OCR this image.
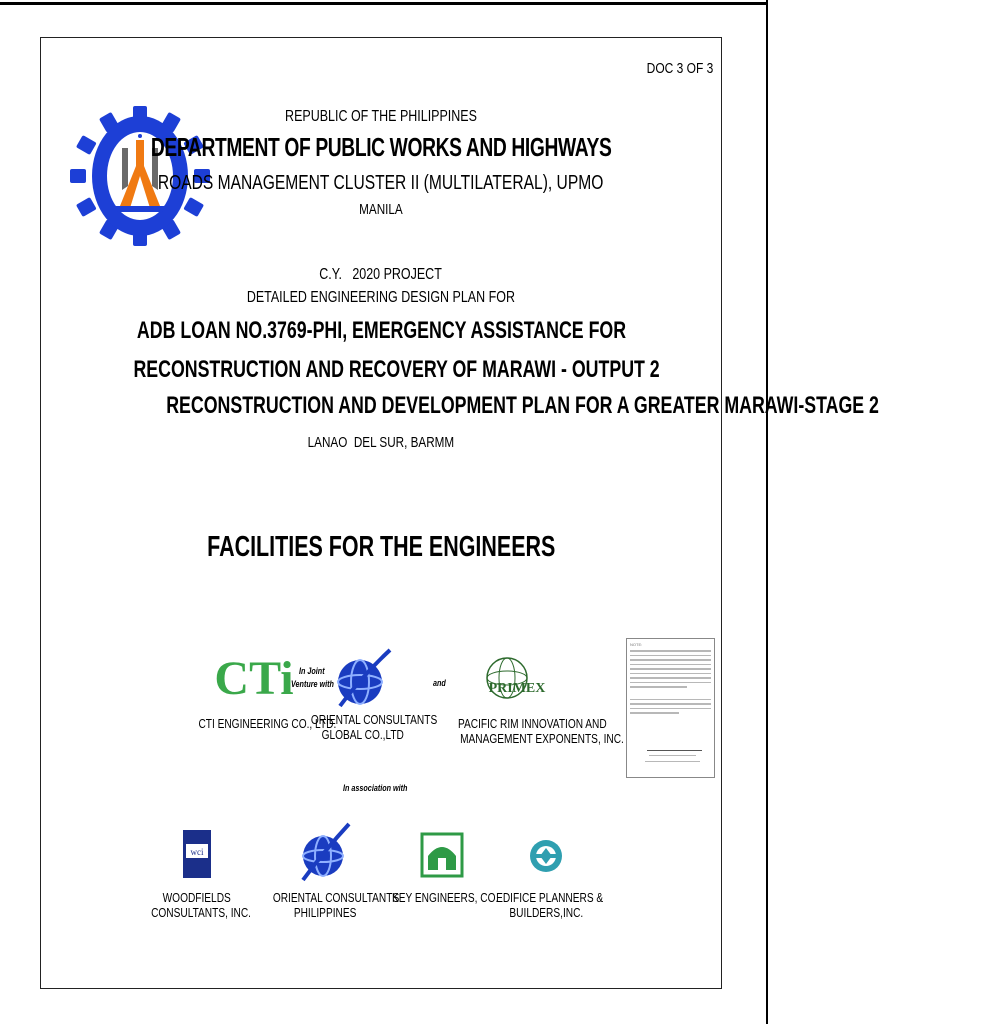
DOC 3 OF 3
REPUBLIC OF THE PHILIPPINES
DEPARTMENT OF PUBLIC WORKS AND HIGHWAYS
ROADS MANAGEMENT CLUSTER II (MULTILATERAL), UPMO
MANILA
C.Y.   2020 PROJECT
DETAILED ENGINEERING DESIGN PLAN FOR
ADB LOAN NO.3769-PHI, EMERGENCY ASSISTANCE FOR
RECONSTRUCTION AND RECOVERY OF MARAWI - OUTPUT 2
RECONSTRUCTION AND DEVELOPMENT PLAN FOR A GREATER MARAWI-STAGE 2
LANAO  DEL SUR, BARMM
FACILITIES FOR THE ENGINEERS
NOTE:
CTi
CTI ENGINEERING CO., LTD.
In Joint
Venture with
ORIENTAL CONSULTANTS
GLOBAL CO.,LTD
and	PRIMEX
PACIFIC RIM INNOVATION AND
MANAGEMENT EXPONENTS, INC.
In association with
wci
WOODFIELDS
CONSULTANTS, INC.
ORIENTAL CONSULTANTS
PHILIPPINES
KEY ENGINEERS, CO.
EDIFICE PLANNERS &
BUILDERS,INC.
